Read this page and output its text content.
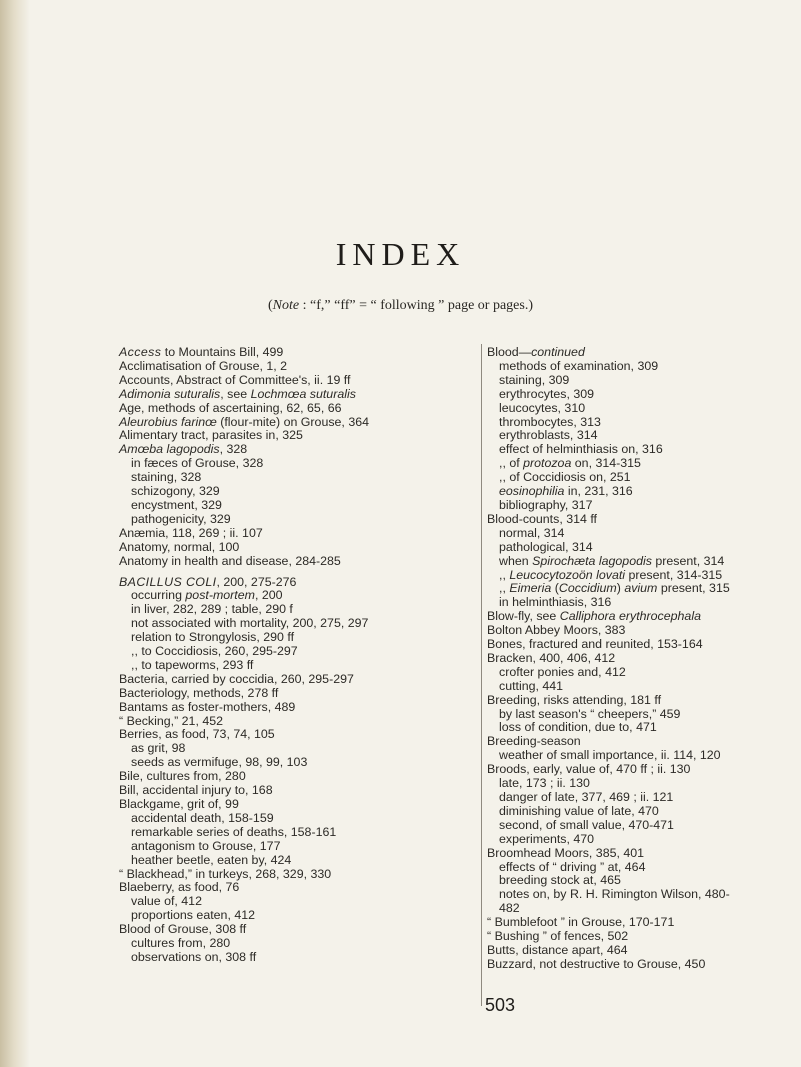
INDEX
(Note : “f,” “ff” = “ following ” page or pages.)
Access to Mountains Bill, 499
Acclimatisation of Grouse, 1, 2
Accounts, Abstract of Committee's, ii. 19 ff
Adimonia suturalis, see Lochmœa suturalis
Age, methods of ascertaining, 62, 65, 66
Aleurobius farinœ (flour-mite) on Grouse, 364
Alimentary tract, parasites in, 325
Amœba lagopodis, 328
in fæces of Grouse, 328
staining, 328
schizogony, 329
encystment, 329
pathogenicity, 329
Anæmia, 118, 269 ; ii. 107
Anatomy, normal, 100
Anatomy in health and disease, 284-285
BACILLUS COLI, 200, 275-276
occurring post-mortem, 200
in liver, 282, 289 ; table, 290 f
not associated with mortality, 200, 275, 297
relation to Strongylosis, 290 ff
,, to Coccidiosis, 260, 295-297
,, to tapeworms, 293 ff
Bacteria, carried by coccidia, 260, 295-297
Bacteriology, methods, 278 ff
Bantams as foster-mothers, 489
“ Becking,” 21, 452
Berries, as food, 73, 74, 105
as grit, 98
seeds as vermifuge, 98, 99, 103
Bile, cultures from, 280
Bill, accidental injury to, 168
Blackgame, grit of, 99
accidental death, 158-159
remarkable series of deaths, 158-161
antagonism to Grouse, 177
heather beetle, eaten by, 424
“ Blackhead,” in turkeys, 268, 329, 330
Blaeberry, as food, 76
value of, 412
proportions eaten, 412
Blood of Grouse, 308 ff
cultures from, 280
observations on, 308 ff
Blood—continued
methods of examination, 309
staining, 309
erythrocytes, 309
leucocytes, 310
thrombocytes, 313
erythroblasts, 314
effect of helminthiasis on, 316
,, of protozoa on, 314-315
,, of Coccidiosis on, 251
eosinophilia in, 231, 316
bibliography, 317
Blood-counts, 314 ff
normal, 314
pathological, 314
when Spirochæta lagopodis present, 314
,, Leucocytozoön lovati present, 314-315
,, Eimeria (Coccidium) avium present, 315
in helminthiasis, 316
Blow-fly, see Calliphora erythrocephala
Bolton Abbey Moors, 383
Bones, fractured and reunited, 153-164
Bracken, 400, 406, 412
crofter ponies and, 412
cutting, 441
Breeding, risks attending, 181 ff
by last season's “ cheepers,” 459
loss of condition, due to, 471
Breeding-season
weather of small importance, ii. 114, 120
Broods, early, value of, 470 ff ; ii. 130
late, 173 ; ii. 130
danger of late, 377, 469 ; ii. 121
diminishing value of late, 470
second, of small value, 470-471
experiments, 470
Broomhead Moors, 385, 401
effects of “ driving ” at, 464
breeding stock at, 465
notes on, by R. H. Rimington Wilson, 480-
482
“ Bumblefoot ” in Grouse, 170-171
“ Bushing ” of fences, 502
Butts, distance apart, 464
Buzzard, not destructive to Grouse, 450
503
